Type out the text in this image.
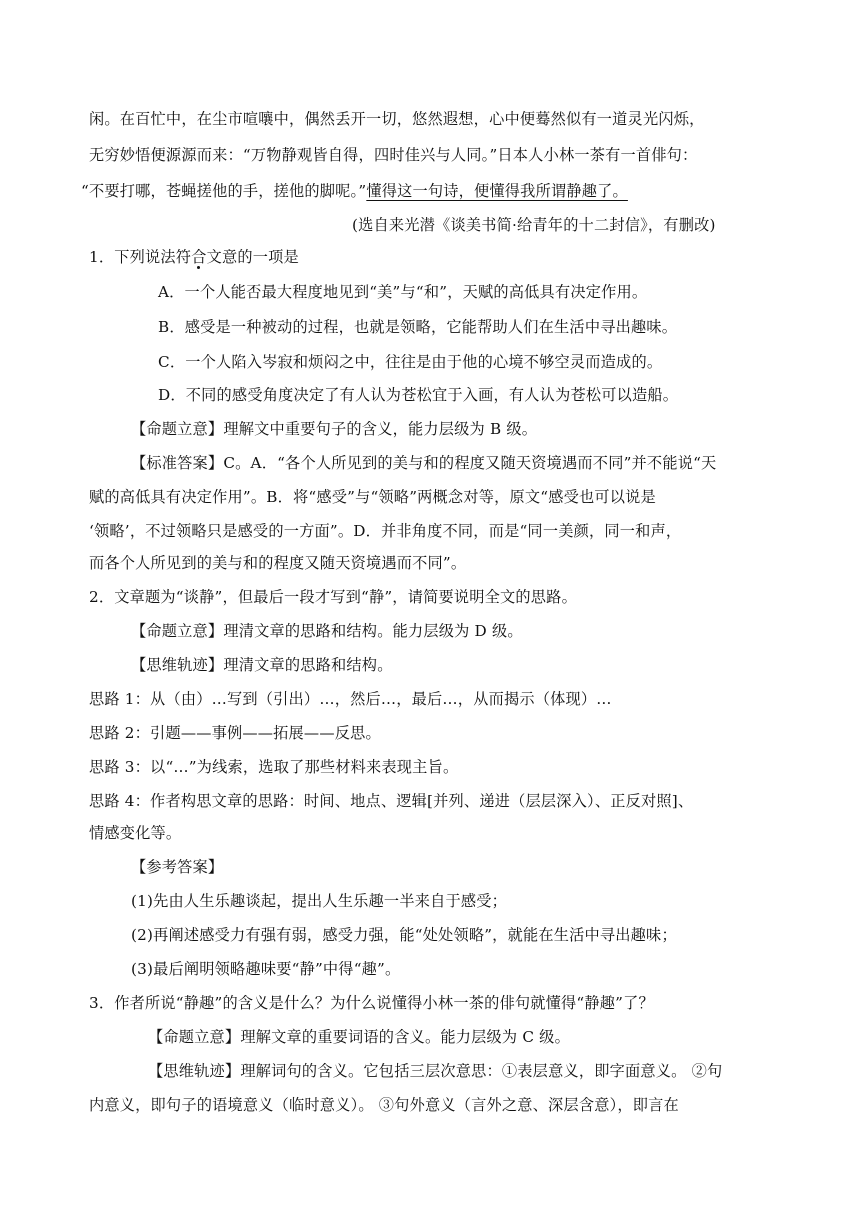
闲。在百忙中，在尘市喧嚷中，偶然丢开一切，悠然遐想，心中便蓦然似有一道灵光闪烁，
无穷妙悟便源源而来：“万物静观皆自得，四时佳兴与人同。”日本人小林一茶有一首俳句：
“不要打哪，苍蝇搓他的手，搓他的脚呢。”懂得这一句诗，便懂得我所谓静趣了。
(选自来光潜《谈美书简·给青年的十二封信》，有删改)
1．下列说法符合文意的一项是
A．一个人能否最大程度地见到“美”与“和”，天赋的高低具有决定作用。
B．感受是一种被动的过程，也就是领略，它能帮助人们在生活中寻出趣味。
C．一个人陷入岑寂和烦闷之中，往往是由于他的心境不够空灵而造成的。
D．不同的感受角度决定了有人认为苍松宜于入画，有人认为苍松可以造船。
【命题立意】理解文中重要句子的含义，能力层级为 B 级。
【标准答案】C。A．“各个人所见到的美与和的程度又随天资境遇而不同”并不能说“天
赋的高低具有决定作用”。B．将“感受”与“领略”两概念对等，原文“感受也可以说是
‘领略’，不过领略只是感受的一方面”。D．并非角度不同，而是“同一美颜，同一和声，
而各个人所见到的美与和的程度又随天资境遇而不同”。
2．文章题为“谈静”，但最后一段才写到“静”，请简要说明全文的思路。
【命题立意】理清文章的思路和结构。能力层级为 D 级。
【思维轨迹】理清文章的思路和结构。
思路 1：从（由）…写到（引出）…，然后…，最后…，从而揭示（体现）…
思路 2：引题——事例——拓展——反思。
思路 3：以“…”为线索，选取了那些材料来表现主旨。
思路 4：作者构思文章的思路：时间、地点、逻辑[并列、递进（层层深入）、正反对照]、
情感变化等。
【参考答案】
(1)先由人生乐趣谈起，提出人生乐趣一半来自于感受；
(2)再阐述感受力有强有弱，感受力强，能“处处领略”，就能在生活中寻出趣味；
(3)最后阐明领略趣味要“静”中得“趣”。
3．作者所说“静趣”的含义是什么？为什么说懂得小林一茶的俳句就懂得“静趣”了？
【命题立意】理解文章的重要词语的含义。能力层级为 C 级。
【思维轨迹】理解词句的含义。它包括三层次意思：①表层意义，即字面意义。 ②句
内意义，即句子的语境意义（临时意义）。 ③句外意义（言外之意、深层含意），即言在
